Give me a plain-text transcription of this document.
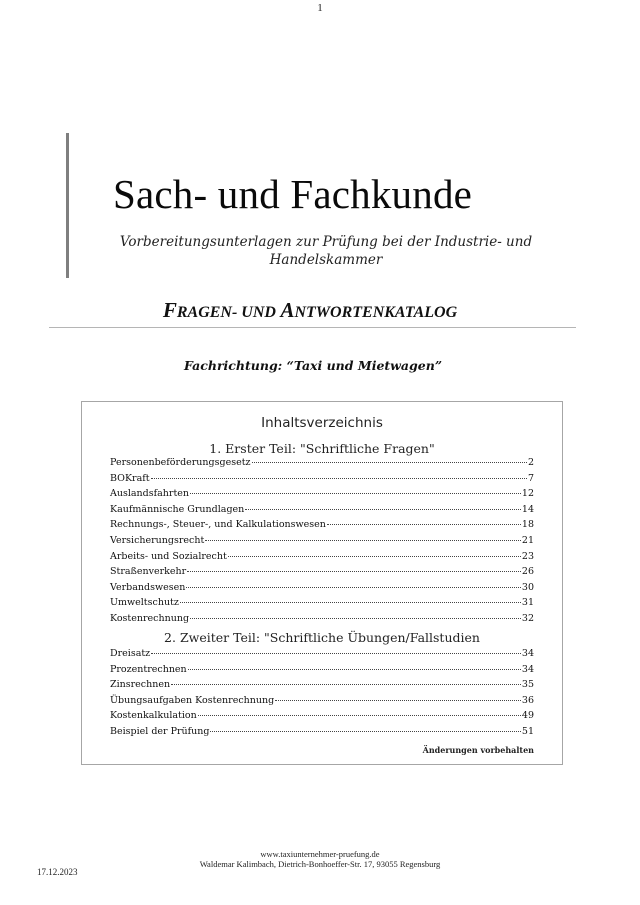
1
Sach- und Fachkunde
Vorbereitungsunterlagen zur Prüfung bei der Industrie- und Handelskammer
FRAGEN- UND ANTWORTENKATALOG
Fachrichtung: “Taxi und Mietwagen”
Inhaltsverzeichnis
1. Erster Teil: "Schriftliche Fragen"
Personenbeförderungsgesetz	2
BOKraft	7
Auslandsfahrten	12
Kaufmännische Grundlagen	14
Rechnungs-, Steuer-, und Kalkulationswesen	18
Versicherungsrecht	21
Arbeits- und Sozialrecht	23
Straßenverkehr	26
Verbandswesen	30
Umweltschutz	31
Kostenrechnung	32
2. Zweiter Teil: "Schriftliche Übungen/Fallstudien
Dreisatz	34
Prozentrechnen	34
Zinsrechnen	35
Übungsaufgaben Kostenrechnung	36
Kostenkalkulation	49
Beispiel der Prüfung	51
Änderungen vorbehalten
www.taxiunternehmer-pruefung.de
Waldemar Kalimbach, Dietrich-Bonhoeffer-Str. 17, 93055 Regensburg
17.12.2023
